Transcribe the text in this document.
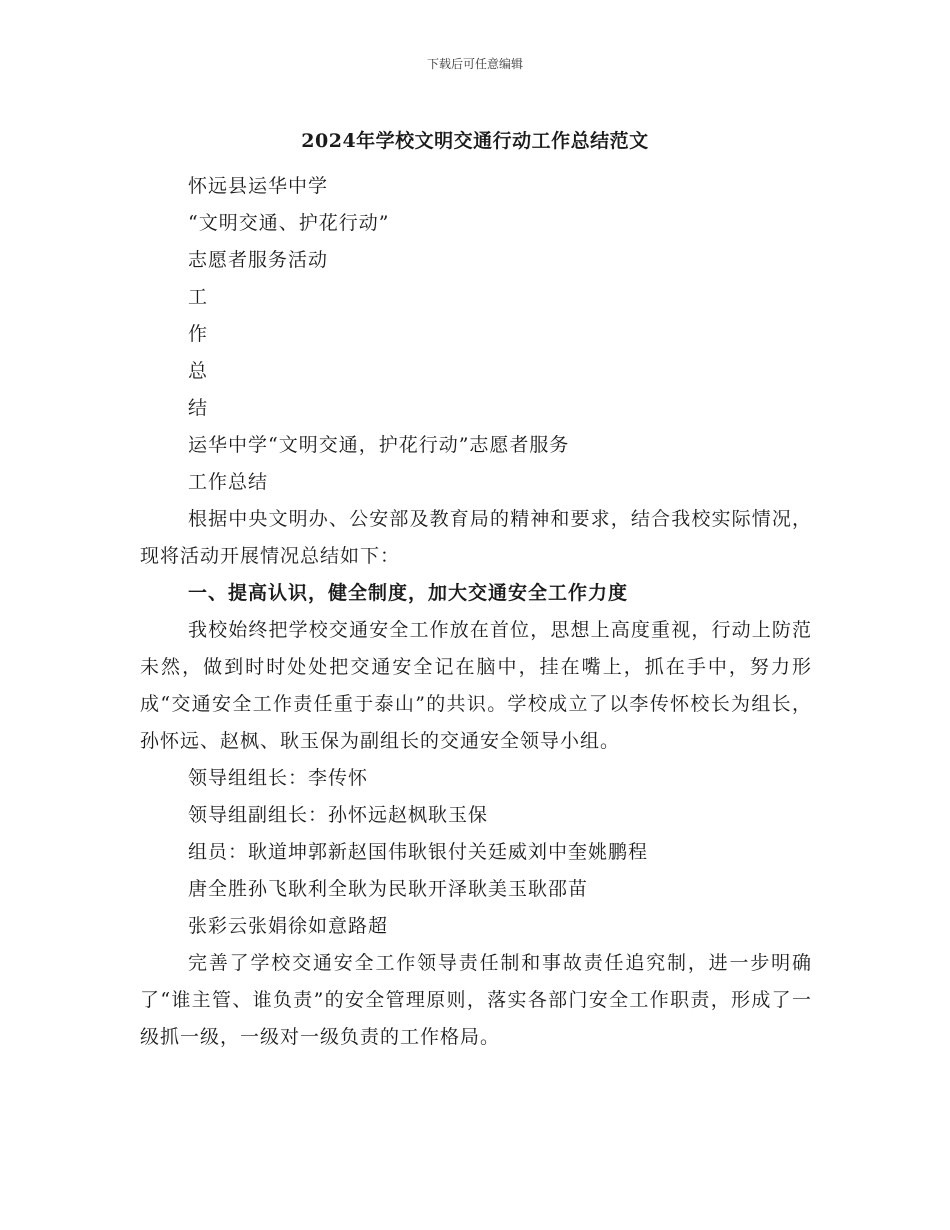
下载后可任意编辑
2024年学校文明交通行动工作总结范文

怀远县运华中学

“文明交通、护花行动”

志愿者服务活动

工

作

总

结

运华中学“文明交通，护花行动”志愿者服务

工作总结

根据中央文明办、公安部及教育局的精神和要求，结合我校实际情况，现将活动开展情况总结如下：

一、提高认识，健全制度，加大交通安全工作力度

我校始终把学校交通安全工作放在首位，思想上高度重视，行动上防范未然，做到时时处处把交通安全记在脑中，挂在嘴上，抓在手中，努力形成“交通安全工作责任重于泰山”的共识。学校成立了以李传怀校长为组长，孙怀远、赵枫、耿玉保为副组长的交通安全领导小组。

领导组组长：李传怀

领导组副组长：孙怀远赵枫耿玉保

组员：耿道坤郭新赵国伟耿银付关廷威刘中奎姚鹏程

唐全胜孙飞耿利全耿为民耿开泽耿美玉耿邵苗

张彩云张娟徐如意路超

完善了学校交通安全工作领导责任制和事故责任追究制，进一步明确了“谁主管、谁负责”的安全管理原则，落实各部门安全工作职责，形成了一级抓一级，一级对一级负责的工作格局。
